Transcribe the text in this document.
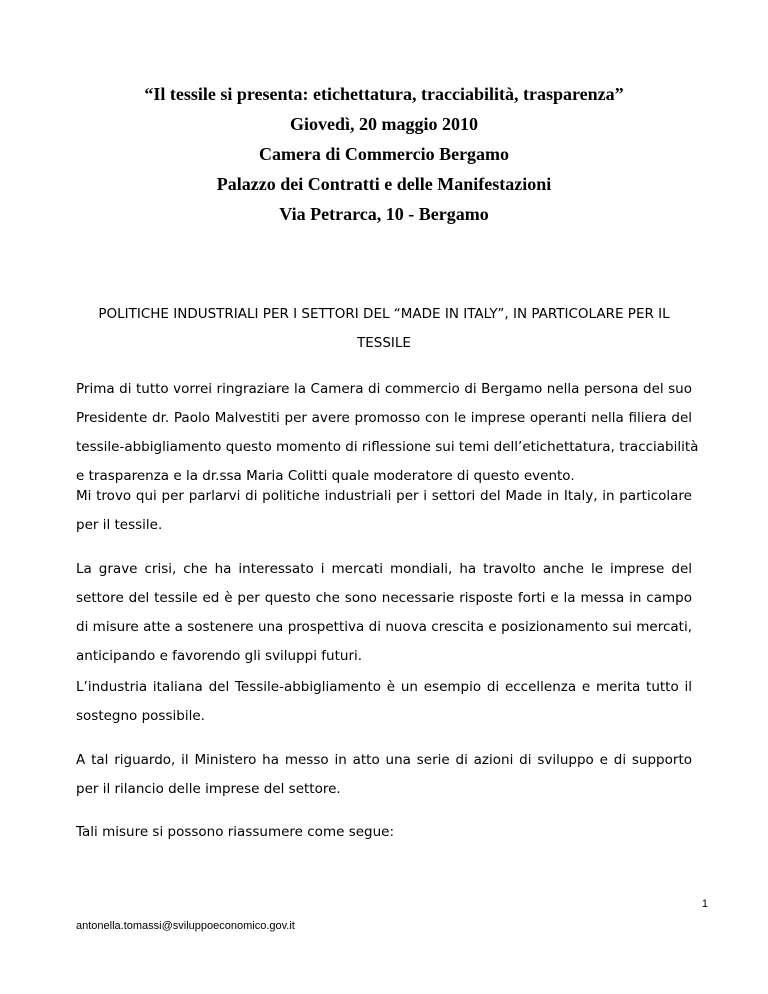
“Il tessile si presenta: etichettatura, tracciabilità, trasparenza”
Giovedì, 20 maggio 2010
Camera di Commercio Bergamo
Palazzo dei Contratti e delle Manifestazioni
Via Petrarca, 10 - Bergamo
POLITICHE INDUSTRIALI PER I SETTORI DEL “MADE IN ITALY”, IN PARTICOLARE PER IL
TESSILE
Prima di tutto vorrei ringraziare la Camera di commercio di Bergamo nella persona del suo
Presidente dr. Paolo Malvestiti per avere promosso con le imprese operanti nella filiera del
tessile-abbigliamento questo momento di riflessione sui temi dell’etichettatura, tracciabilità
e trasparenza e la dr.ssa Maria Colitti quale moderatore di questo evento.
Mi trovo qui per parlarvi di politiche industriali per i settori del Made in Italy, in particolare
per il tessile.
La grave crisi, che ha interessato i mercati mondiali, ha travolto anche le imprese del
settore del tessile ed è per questo che sono necessarie risposte forti e la messa in campo
di misure atte a sostenere una prospettiva di nuova crescita e posizionamento sui mercati,
anticipando e favorendo gli sviluppi futuri.
L’industria italiana del Tessile-abbigliamento è un esempio di eccellenza e merita tutto il
sostegno possibile.
A tal riguardo, il Ministero ha messo in atto una serie di azioni di sviluppo e di supporto
per il rilancio delle imprese del settore.
Tali misure si possono riassumere come segue:
1
antonella.tomassi@sviluppoeconomico.gov.it
